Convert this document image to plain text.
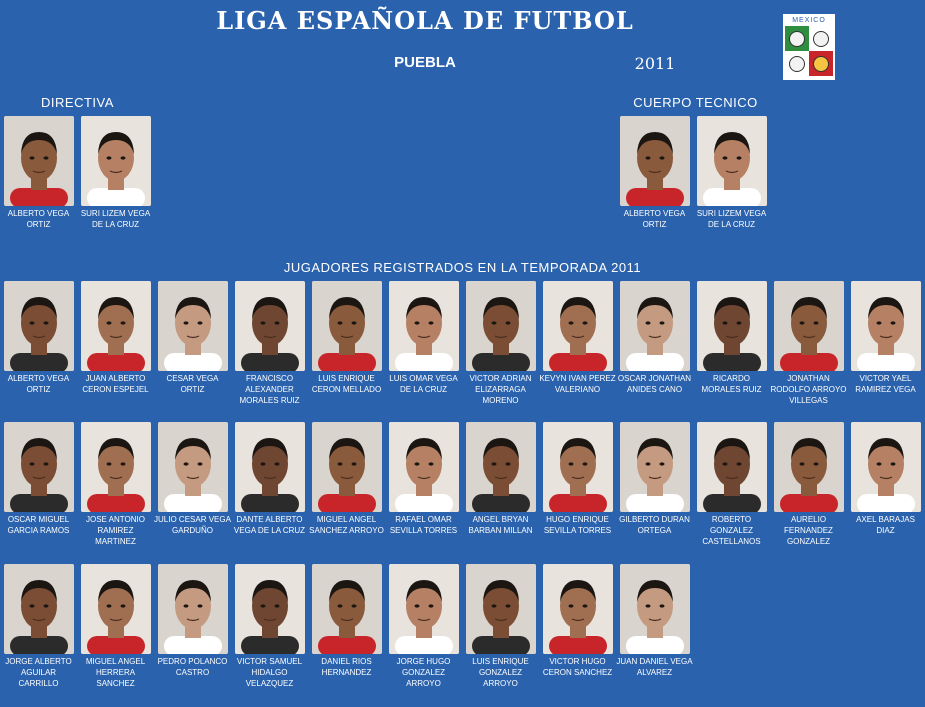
LIGA ESPAÑOLA DE FUTBOL
PUEBLA	2011
MEXICO
DIRECTIVA	CUERPO TECNICO
JUGADORES REGISTRADOS EN LA TEMPORADA 2011
ALBERTO VEGA ORTIZ
SURI LIZEM VEGA DE LA CRUZ
ALBERTO VEGA ORTIZ
SURI LIZEM VEGA DE LA CRUZ
ALBERTO VEGA ORTIZ
JUAN ALBERTO CERON ESPEJEL
CESAR VEGA ORTIZ
FRANCISCO ALEXANDER MORALES RUIZ
LUIS ENRIQUE CERON MELLADO
LUIS OMAR VEGA DE LA CRUZ
VICTOR ADRIAN ELIZARRAGA MORENO
KEVYN IVAN PEREZ VALERIANO
OSCAR JONATHAN ANIDES CANO
RICARDO MORALES RUIZ
JONATHAN RODOLFO ARROYO VILLEGAS
VICTOR YAEL RAMIREZ VEGA
OSCAR MIGUEL GARCIA RAMOS
JOSE ANTONIO RAMIREZ MARTINEZ
JULIO CESAR VEGA GARDUÑO
DANTE ALBERTO VEGA DE LA CRUZ
MIGUEL ANGEL SANCHEZ ARROYO
RAFAEL OMAR SEVILLA TORRES
ANGEL BRYAN BARBAN MILLAN
HUGO ENRIQUE SEVILLA TORRES
GILBERTO DURAN ORTEGA
ROBERTO GONZALEZ CASTELLANOS
AURELIO FERNANDEZ GONZALEZ
AXEL BARAJAS DIAZ
JORGE ALBERTO AGUILAR CARRILLO
MIGUEL ANGEL HERRERA SANCHEZ
PEDRO POLANCO CASTRO
VICTOR SAMUEL HIDALGO VELAZQUEZ
DANIEL RIOS HERNANDEZ
JORGE HUGO GONZALEZ ARROYO
LUIS ENRIQUE GONZALEZ ARROYO
VICTOR HUGO CERON SANCHEZ
JUAN DANIEL VEGA ALVAREZ
